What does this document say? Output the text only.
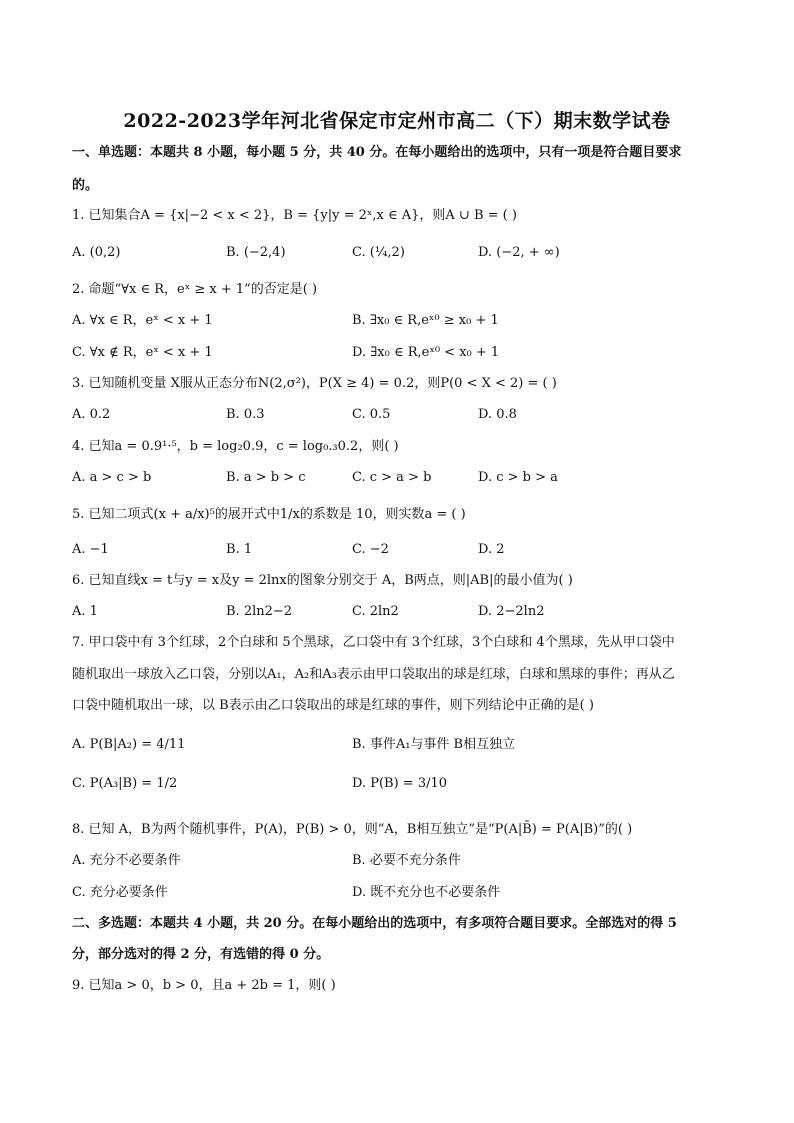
2022-2023学年河北省保定市定州市高二（下）期末数学试卷
一、单选题：本题共 8 小题，每小题 5 分，共 40 分。在每小题给出的选项中，只有一项是符合题目要求
的。
1. 已知集合A = {x|−2 < x < 2}，B = {y|y = 2ˣ,x ∈ A}，则A ∪ B = ( )
A. (0,2)	B. (−2,4)	C. (¼,2)	D. (−2, + ∞)
2. 命题“∀x ∈ R，eˣ ≥ x + 1”的否定是( )
A. ∀x ∈ R，eˣ < x + 1	B. ∃x₀ ∈ R,eˣ⁰ ≥ x₀ + 1
C. ∀x ∉ R，eˣ < x + 1	D. ∃x₀ ∈ R,eˣ⁰ < x₀ + 1
3. 已知随机变量 X服从正态分布N(2,σ²)，P(X ≥ 4) = 0.2，则P(0 < X < 2) = ( )
A. 0.2	B. 0.3	C. 0.5	D. 0.8
4. 已知a = 0.9¹·⁵，b = log₂0.9，c = log₀.₃0.2，则( )
A. a > c > b	B. a > b > c	C. c > a > b	D. c > b > a
5. 已知二项式(x + a/x)⁵的展开式中1/x的系数是 10，则实数a = ( )
A. −1	B. 1	C. −2	D. 2
6. 已知直线x = t与y = x及y = 2lnx的图象分别交于 A，B两点，则|AB|的最小值为( )
A. 1	B. 2ln2−2	C. 2ln2	D. 2−2ln2
7. 甲口袋中有 3个红球，2个白球和 5个黑球，乙口袋中有 3个红球，3个白球和 4个黑球，先从甲口袋中
随机取出一球放入乙口袋，分别以A₁，A₂和A₃表示由甲口袋取出的球是红球，白球和黑球的事件；再从乙
口袋中随机取出一球，以 B表示由乙口袋取出的球是红球的事件，则下列结论中正确的是( )
A. P(B|A₂) = 4/11	B. 事件A₁与事件 B相互独立
C. P(A₃|B) = 1/2	D. P(B) = 3/10
8. 已知 A，B为两个随机事件，P(A)，P(B) > 0，则“A，B相互独立”是“P(A|B̄) = P(A|B)”的( )
A. 充分不必要条件	B. 必要不充分条件
C. 充分必要条件	D. 既不充分也不必要条件
二、多选题：本题共 4 小题，共 20 分。在每小题给出的选项中，有多项符合题目要求。全部选对的得 5
分，部分选对的得 2 分，有选错的得 0 分。
9. 已知a > 0，b > 0，且a + 2b = 1，则( )
